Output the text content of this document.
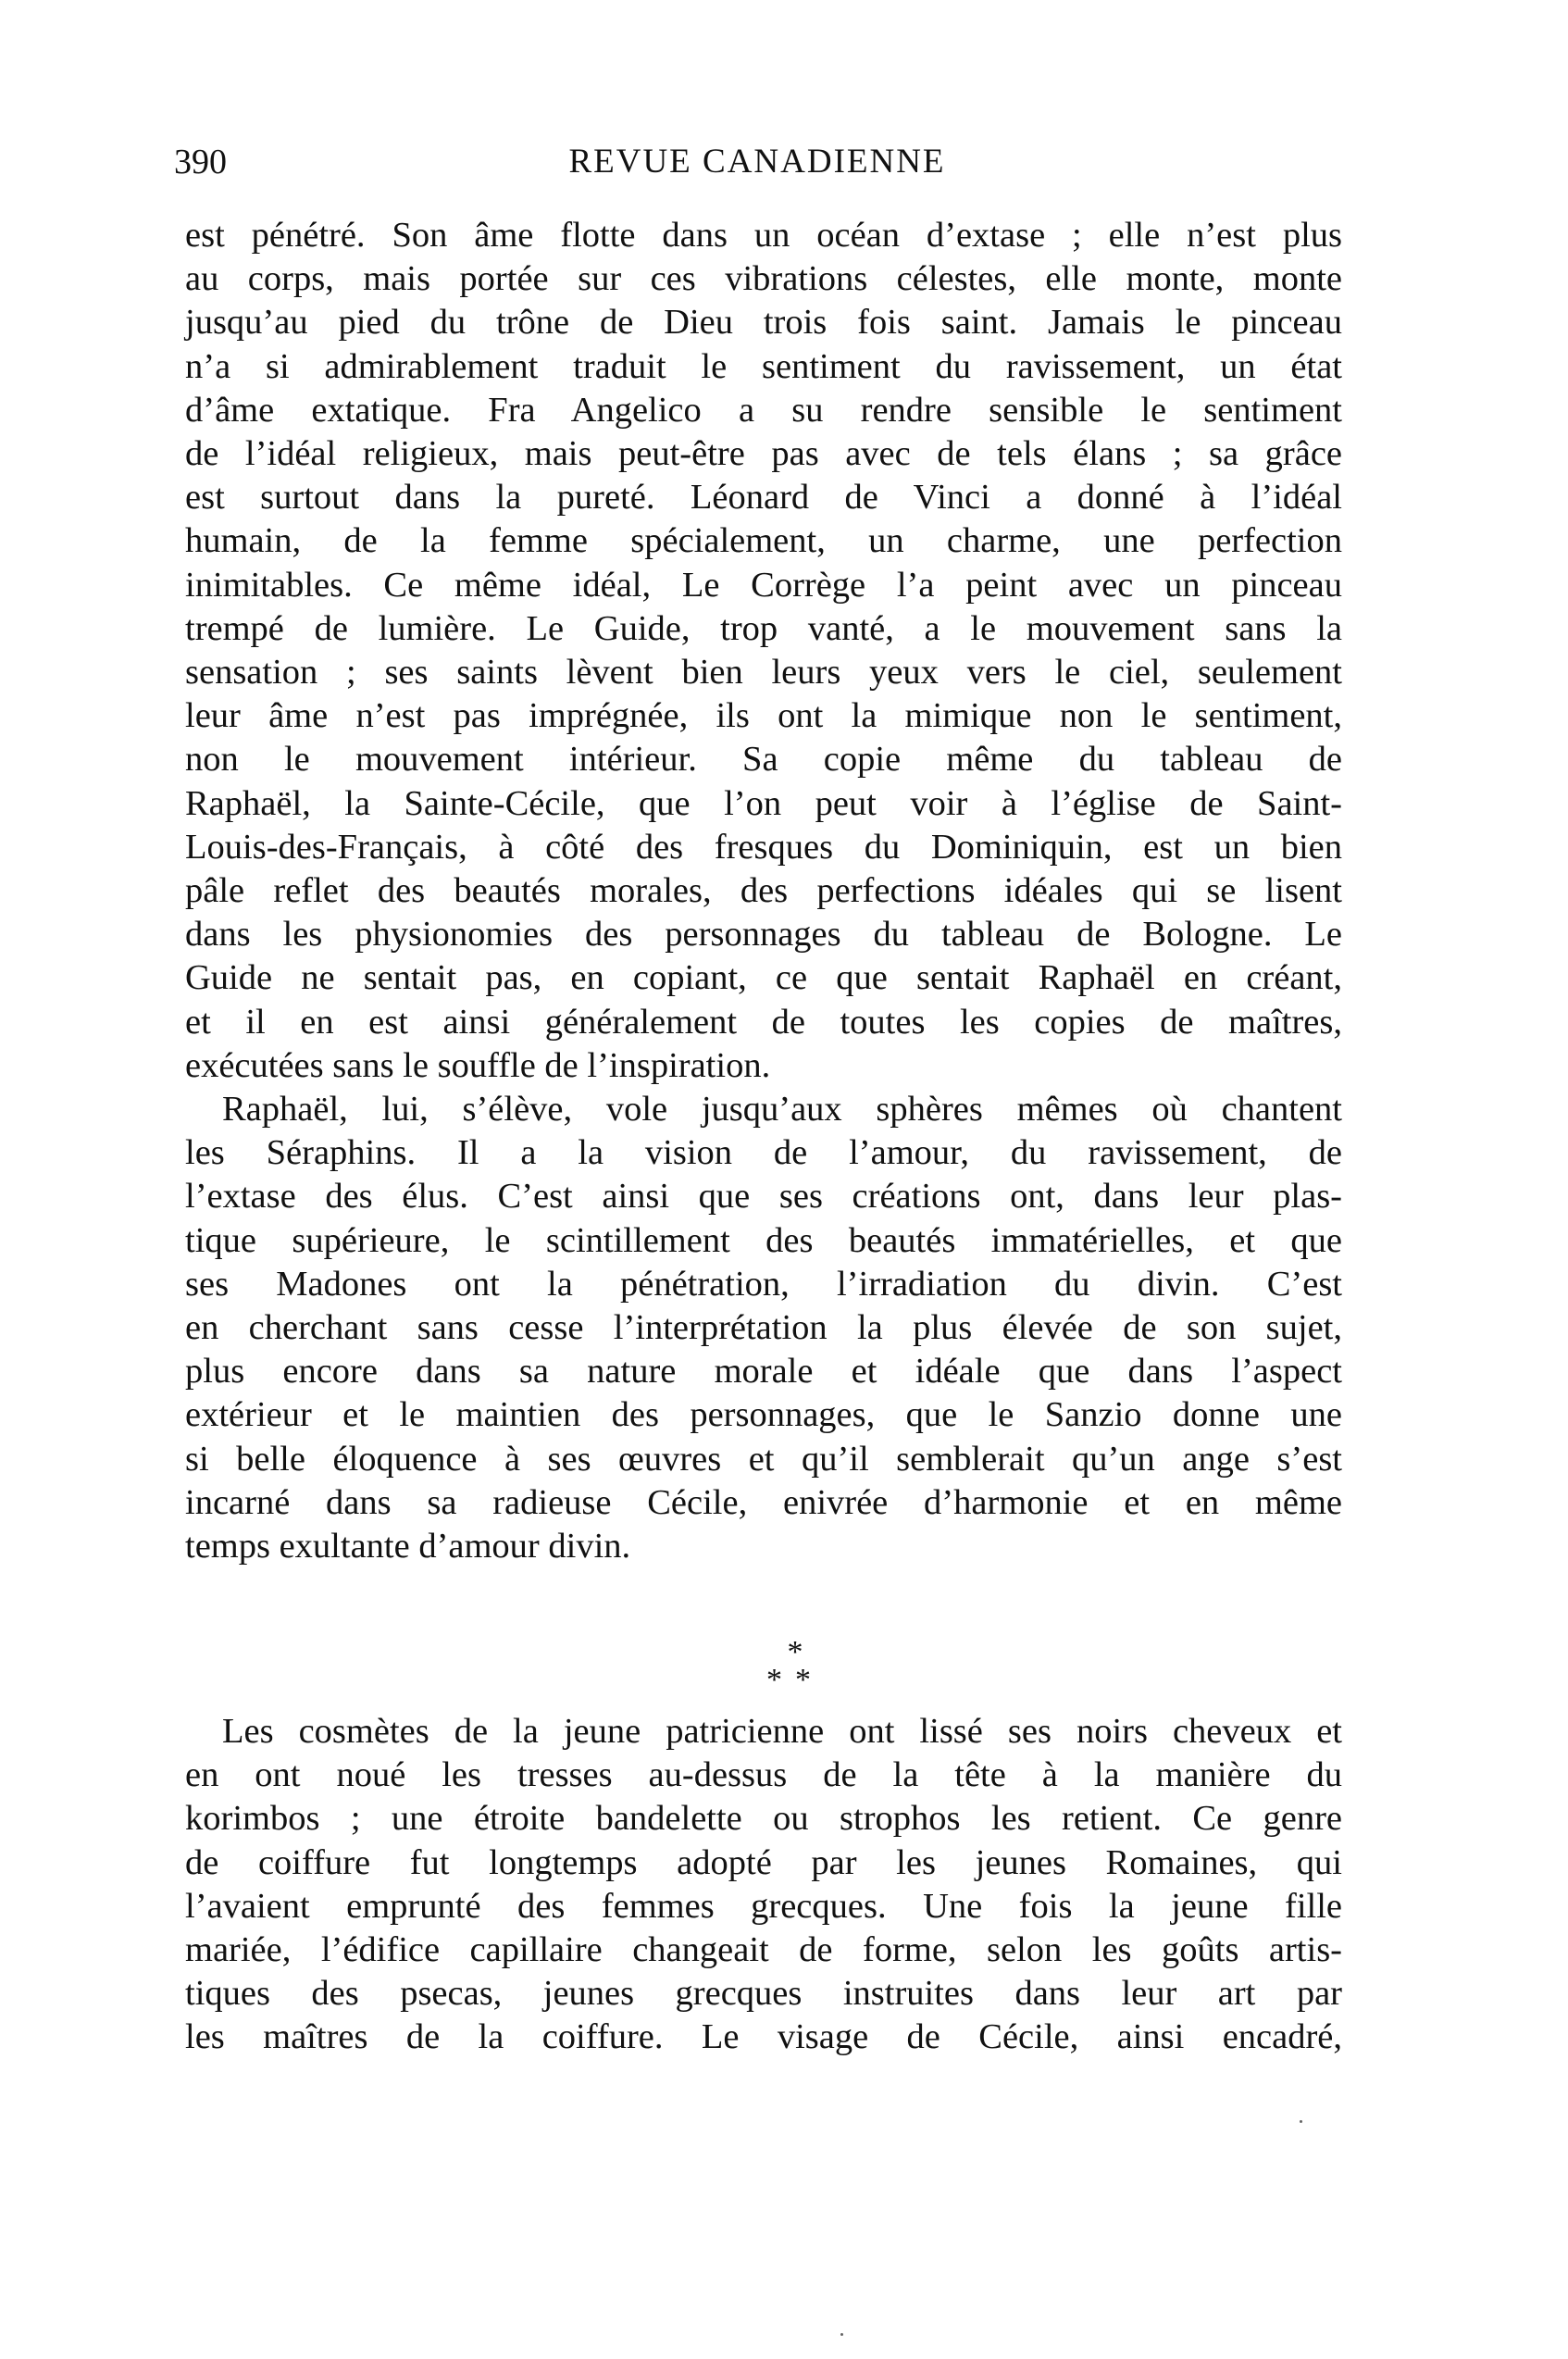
390	REVUE CANADIENNE
est pénétré. Son âme flotte dans un océan d’extase ; elle n’est plus
au corps, mais portée sur ces vibrations célestes, elle monte, monte
jusqu’au pied du trône de Dieu trois fois saint. Jamais le pinceau
n’a si admirablement traduit le sentiment du ravissement, un état
d’âme extatique. Fra Angelico a su rendre sensible le sentiment
de l’idéal religieux, mais peut-être pas avec de tels élans ; sa grâce
est surtout dans la pureté. Léonard de Vinci a donné à l’idéal
humain, de la femme spécialement, un charme, une perfection
inimitables. Ce même idéal, Le Corrège l’a peint avec un pinceau
trempé de lumière. Le Guide, trop vanté, a le mouvement sans la
sensation ; ses saints lèvent bien leurs yeux vers le ciel, seulement
leur âme n’est pas imprégnée, ils ont la mimique non le sentiment,
non le mouvement intérieur. Sa copie même du tableau de
Raphaël, la Sainte-Cécile, que l’on peut voir à l’église de Saint-
Louis-des-Français, à côté des fresques du Dominiquin, est un bien
pâle reflet des beautés morales, des perfections idéales qui se lisent
dans les physionomies des personnages du tableau de Bologne. Le
Guide ne sentait pas, en copiant, ce que sentait Raphaël en créant,
et il en est ainsi généralement de toutes les copies de maîtres,
exécutées sans le souffle de l’inspiration.
Raphaël, lui, s’élève, vole jusqu’aux sphères mêmes où chantent
les Séraphins. Il a la vision de l’amour, du ravissement, de
l’extase des élus. C’est ainsi que ses créations ont, dans leur plas-
tique supérieure, le scintillement des beautés immatérielles, et que
ses Madones ont la pénétration, l’irradiation du divin. C’est
en cherchant sans cesse l’interprétation la plus élevée de son sujet,
plus encore dans sa nature morale et idéale que dans l’aspect
extérieur et le maintien des personnages, que le Sanzio donne une
si belle éloquence à ses œuvres et qu’il semblerait qu’un ange s’est
incarné dans sa radieuse Cécile, enivrée d’harmonie et en même
temps exultante d’amour divin.
*
**
Les cosmètes de la jeune patricienne ont lissé ses noirs cheveux et
en ont noué les tresses au-dessus de la tête à la manière du
korimbos ; une étroite bandelette ou strophos les retient. Ce genre
de coiffure fut longtemps adopté par les jeunes Romaines, qui
l’avaient emprunté des femmes grecques. Une fois la jeune fille
mariée, l’édifice capillaire changeait de forme, selon les goûts artis-
tiques des psecas, jeunes grecques instruites dans leur art par
les maîtres de la coiffure. Le visage de Cécile, ainsi encadré,
